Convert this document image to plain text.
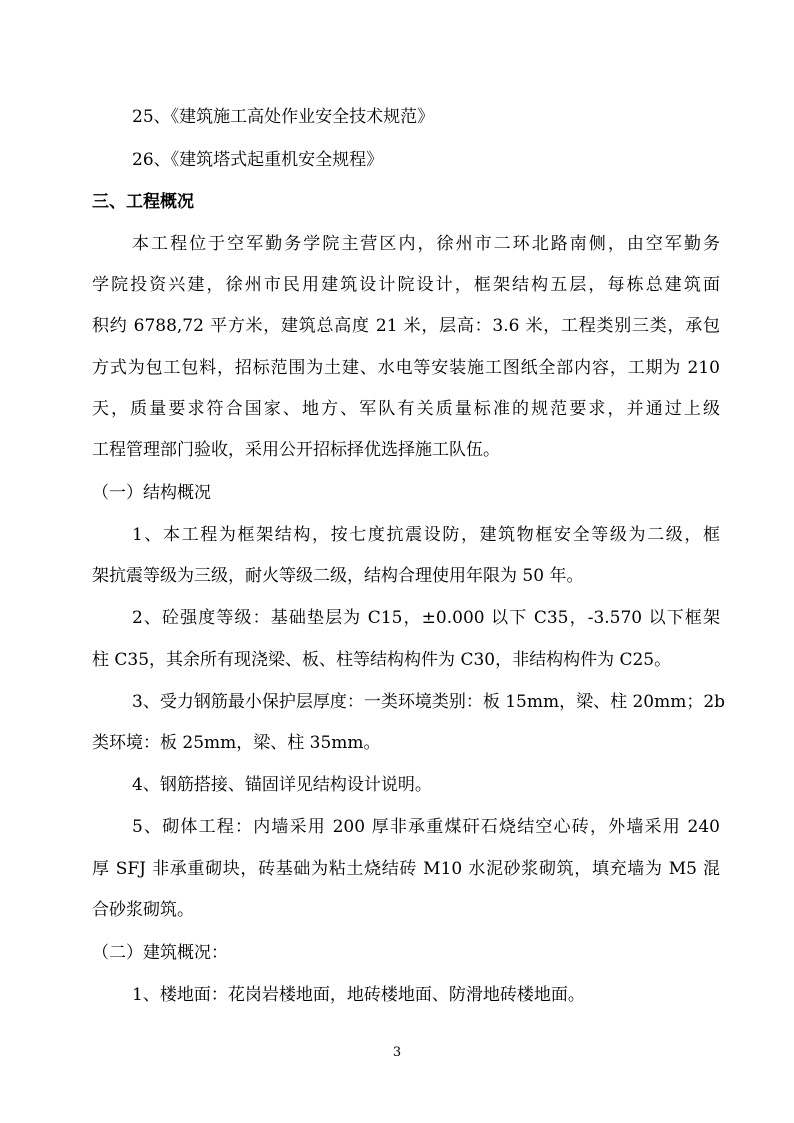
25、《建筑施工高处作业安全技术规范》
26、《建筑塔式起重机安全规程》
三、工程概况
本工程位于空军勤务学院主营区内，徐州市二环北路南侧，由空军勤务
学院投资兴建，徐州市民用建筑设计院设计，框架结构五层，每栋总建筑面
积约 6788,72 平方米，建筑总高度 21 米，层高：3.6 米，工程类别三类，承包
方式为包工包料，招标范围为土建、水电等安装施工图纸全部内容，工期为 210
天，质量要求符合国家、地方、军队有关质量标准的规范要求，并通过上级
工程管理部门验收，采用公开招标择优选择施工队伍。
（一）结构概况
1、本工程为框架结构，按七度抗震设防，建筑物框安全等级为二级，框
架抗震等级为三级，耐火等级二级，结构合理使用年限为 50 年。
2、砼强度等级：基础垫层为 C15，±0.000 以下 C35，-3.570 以下框架
柱 C35，其余所有现浇梁、板、柱等结构构件为 C30，非结构构件为 C25。
3、受力钢筋最小保护层厚度：一类环境类别：板 15mm，梁、柱 20mm；2b
类环境：板 25mm，梁、柱 35mm。
4、钢筋搭接、锚固详见结构设计说明。
5、砌体工程：内墙采用 200 厚非承重煤矸石烧结空心砖，外墙采用 240
厚 SFJ 非承重砌块，砖基础为粘土烧结砖 M10 水泥砂浆砌筑，填充墙为 M5 混
合砂浆砌筑。
（二）建筑概况：
1、楼地面：花岗岩楼地面，地砖楼地面、防滑地砖楼地面。
3
